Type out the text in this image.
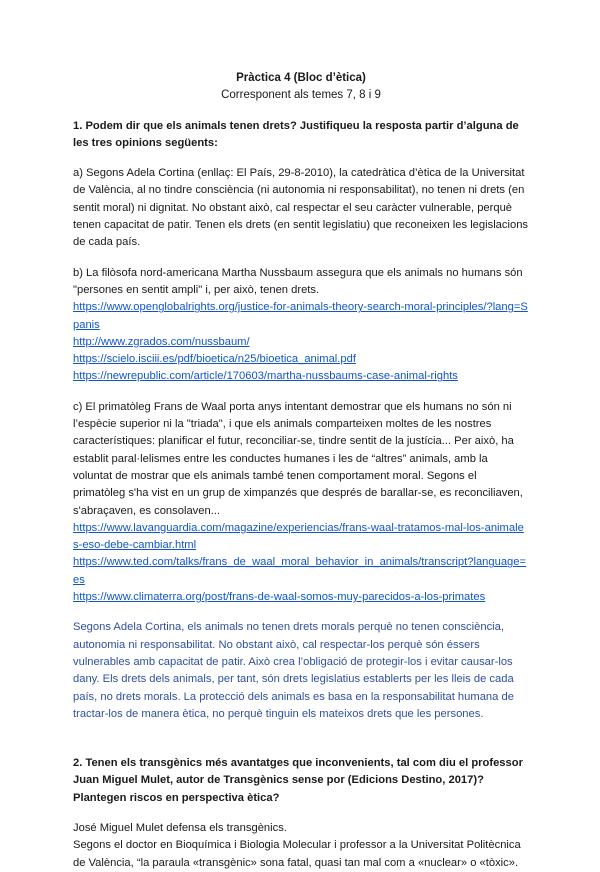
Pràctica 4 (Bloc d’ètica)
Corresponent als temes 7, 8 i 9
1. Podem dir que els animals tenen drets? Justifiqueu la resposta partir d’alguna de les tres opinions següents:

a) Segons Adela Cortina (enllaç: El País, 29-8-2010), la catedràtica d’ètica de la Universitat de València, al no tindre consciència (ni autonomia ni responsabilitat), no tenen ni drets (en sentit moral) ni dignitat. No obstant això, cal respectar el seu caràcter vulnerable, perquè tenen capacitat de patir. Tenen els drets (en sentit legislatiu) que reconeixen les legislacions de cada país.

b) La filòsofa nord-americana Martha Nussbaum assegura que els animals no humans són "persones en sentit ampli" i, per això, tenen drets.
https://www.openglobalrights.org/justice-for-animals-theory-search-moral-principles/?lang=Spanis
http://www.zgrados.com/nussbaum/
https://scielo.isciii.es/pdf/bioetica/n25/bioetica_animal.pdf
https://newrepublic.com/article/170603/martha-nussbaums-case-animal-rights
c) El primatòleg Frans de Waal porta anys intentant demostrar que els humans no són ni l’espècie superior ni la "triada", i que els animals comparteixen moltes de les nostres característiques: planificar el futur, reconciliar-se, tindre sentit de la justícia... Per això, ha establit paral·lelismes entre les conductes humanes i les de “altres” animals, amb la voluntat de mostrar que els animals també tenen comportament moral. Segons el primatòleg s'ha vist en un grup de ximpanzés que després de barallar-se, es reconciliaven, s'abraçaven, es consolaven...
https://www.lavanguardia.com/magazine/experiencias/frans-waal-tratamos-mal-los-animales-eso-debe-cambiar.html
https://www.ted.com/talks/frans_de_waal_moral_behavior_in_animals/transcript?language=es
https://www.climaterra.org/post/frans-de-waal-somos-muy-parecidos-a-los-primates
Segons Adela Cortina, els animals no tenen drets morals perquè no tenen consciència, autonomia ni responsabilitat. No obstant això, cal respectar-los perquè són éssers vulnerables amb capacitat de patir. Això crea l’obligació de protegir-los i evitar causar-los dany. Els drets dels animals, per tant, són drets legislatius establerts per les lleis de cada país, no drets morals. La protecció dels animals es basa en la responsabilitat humana de tractar-los de manera ètica, no perquè tinguin els mateixos drets que les persones.
2. Tenen els transgènics més avantatges que inconvenients, tal com diu el professor Juan Miguel Mulet, autor de Transgènics sense por (Edicions Destino, 2017)? Plantegen riscos en perspectiva ètica?
José Miguel Mulet defensa els transgènics.
Segons el doctor en Bioquímica i Biologia Molecular i professor a la Universitat Politècnica de València, “la paraula «transgènic» sona fatal, quasi tan mal com a «nuclear» o «tòxic».
